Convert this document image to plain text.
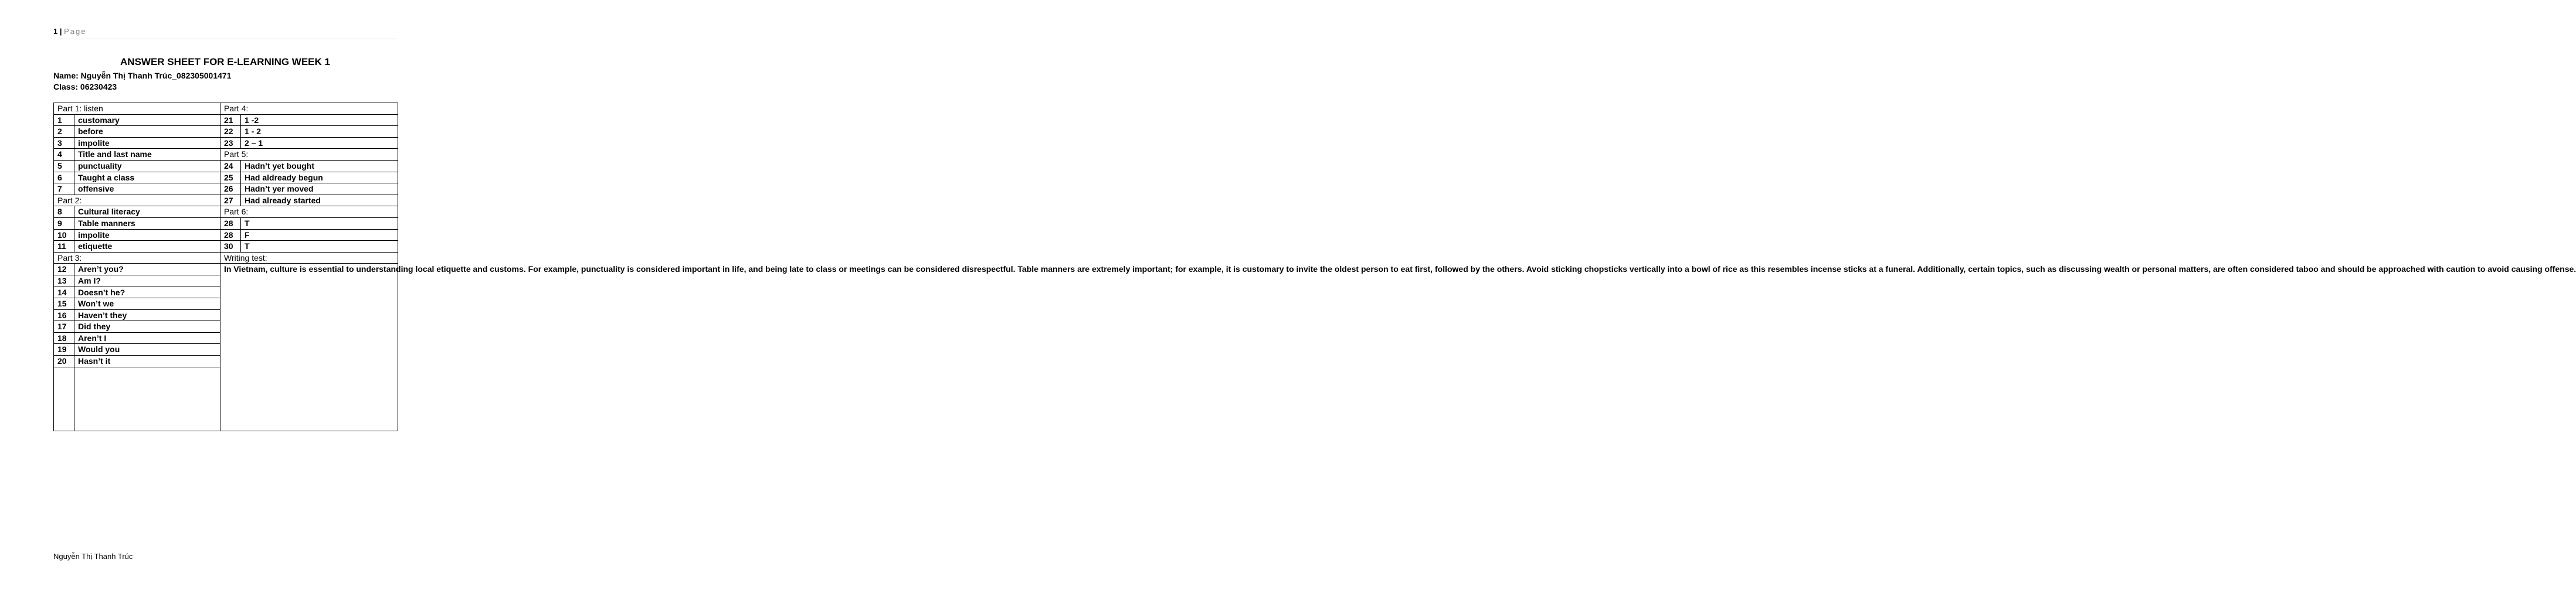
1 | Page
ANSWER SHEET FOR E-LEARNING WEEK 1
Name: Nguyễn Thị Thanh Trúc_082305001471
Class: 06230423
Part 1: listen		Part 4:	
1	customary	21	1 -2
2	before	22	1 - 2
3	impolite	23	2 – 1
4	Title and last name	Part 5:	
5	punctuality	24	Hadn’t yet bought
6	Taught a class	25	Had aldready begun
7	offensive	26	Hadn’t yer moved
Part 2:		27	Had already started
8	Cultural literacy	Part 6:	
9	Table manners	28	T
10	impolite	28	F
11	etiquette	30	T
Part 3:		Writing test:	
12	Aren’t you?	In Vietnam, culture is essential to understanding local etiquette and customs. For example, punctuality is considered important in life, and being late to class or meetings can be considered disrespectful. Table manners are extremely important; for example, it is customary to invite the oldest person to eat first, followed by the others. Avoid sticking chopsticks vertically into a bowl of rice as this resembles incense sticks at a funeral. Additionally, certain topics, such as discussing wealth or personal matters, are often considered taboo and should be approached with caution to avoid causing offense.	
13	Am I?		
14	Doesn’t he?		
15	Won’t we		
16	Haven’t they		
17	Did they		
18	Aren’t I		
19	Would you		
20	Hasn’t it		

Nguyễn Thị Thanh Trúc
